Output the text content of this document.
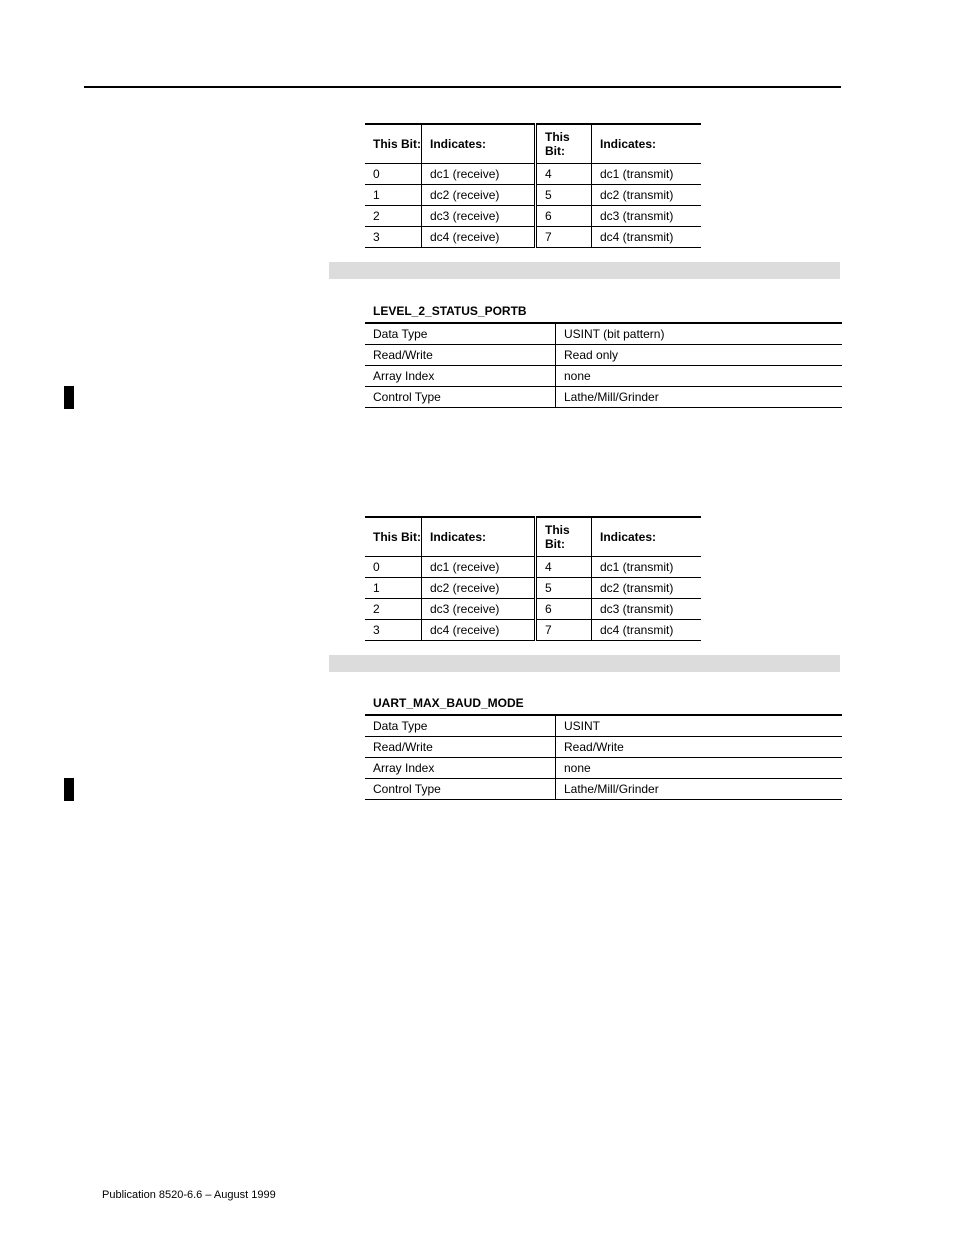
This Bit:	Indicates:	This Bit:	Indicates:
0	dc1 (receive)	4	dc1 (transmit)
1	dc2 (receive)	5	dc2 (transmit)
2	dc3 (receive)	6	dc3 (transmit)
3	dc4 (receive)	7	dc4 (transmit)
LEVEL_2_STATUS_PORTB
Data Type	USINT (bit pattern)
Read/Write	Read only
Array Index	none
Control Type	Lathe/Mill/Grinder
This Bit:	Indicates:	This Bit:	Indicates:
0	dc1 (receive)	4	dc1 (transmit)
1	dc2 (receive)	5	dc2 (transmit)
2	dc3 (receive)	6	dc3 (transmit)
3	dc4 (receive)	7	dc4 (transmit)
UART_MAX_BAUD_MODE
Data Type	USINT
Read/Write	Read/Write
Array Index	none
Control Type	Lathe/Mill/Grinder
Publication 8520-6.6 – August 1999
